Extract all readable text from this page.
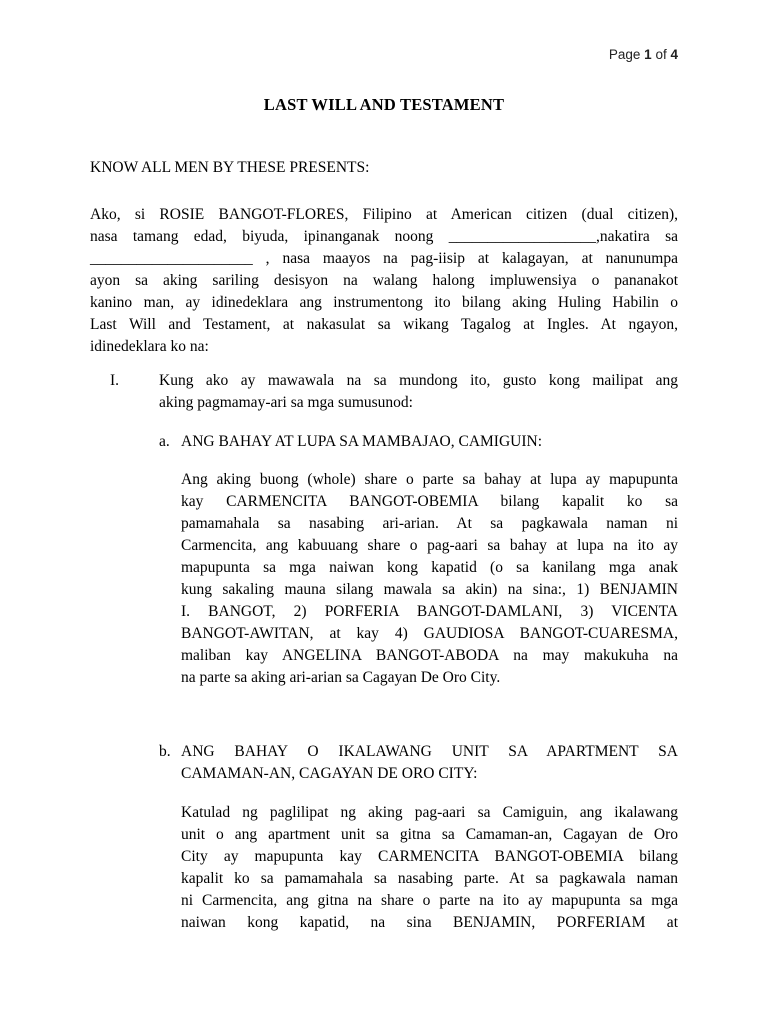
Page 1 of 4
LAST WILL AND TESTAMENT
KNOW ALL MEN BY THESE PRESENTS:
Ako, si ROSIE BANGOT-FLORES, Filipino at American citizen (dual citizen),
nasa tamang edad, biyuda, ipinanganak noong ___________________,nakatira sa
_____________________ , nasa maayos na pag-iisip at kalagayan, at nanunumpa
ayon sa aking sariling desisyon na walang halong impluwensiya o pananakot
kanino man, ay idinedeklara ang instrumentong ito bilang aking Huling Habilin o
Last Will and Testament, at nakasulat sa wikang Tagalog at Ingles. At ngayon,
idinedeklara ko na:
I.	Kung ako ay mawawala na sa mundong ito, gusto kong mailipat ang
aking pagmamay-ari sa mga sumusunod:
a. ANG BAHAY AT LUPA SA MAMBAJAO, CAMIGUIN:
Ang aking buong (whole) share o parte sa bahay at lupa ay mapupunta
kay CARMENCITA BANGOT-OBEMIA bilang kapalit ko sa
pamamahala sa nasabing ari-arian. At sa pagkawala naman ni
Carmencita, ang kabuuang share o pag-aari sa bahay at lupa na ito ay
mapupunta sa mga naiwan kong kapatid (o sa kanilang mga anak
kung sakaling mauna silang mawala sa akin) na sina:, 1) BENJAMIN
I. BANGOT, 2) PORFERIA BANGOT-DAMLANI, 3) VICENTA
BANGOT-AWITAN, at kay 4) GAUDIOSA BANGOT-CUARESMA,
maliban kay ANGELINA BANGOT-ABODA na may makukuha na
na parte sa aking ari-arian sa Cagayan De Oro City.
b. ANG BAHAY O IKALAWANG UNIT SA APARTMENT SA
CAMAMAN-AN, CAGAYAN DE ORO CITY:
Katulad ng paglilipat ng aking pag-aari sa Camiguin, ang ikalawang
unit o ang apartment unit sa gitna sa Camaman-an, Cagayan de Oro
City ay mapupunta kay CARMENCITA BANGOT-OBEMIA bilang
kapalit ko sa pamamahala sa nasabing parte. At sa pagkawala naman
ni Carmencita, ang gitna na share o parte na ito ay mapupunta sa mga
naiwan kong kapatid, na sina BENJAMIN, PORFERIAM at
